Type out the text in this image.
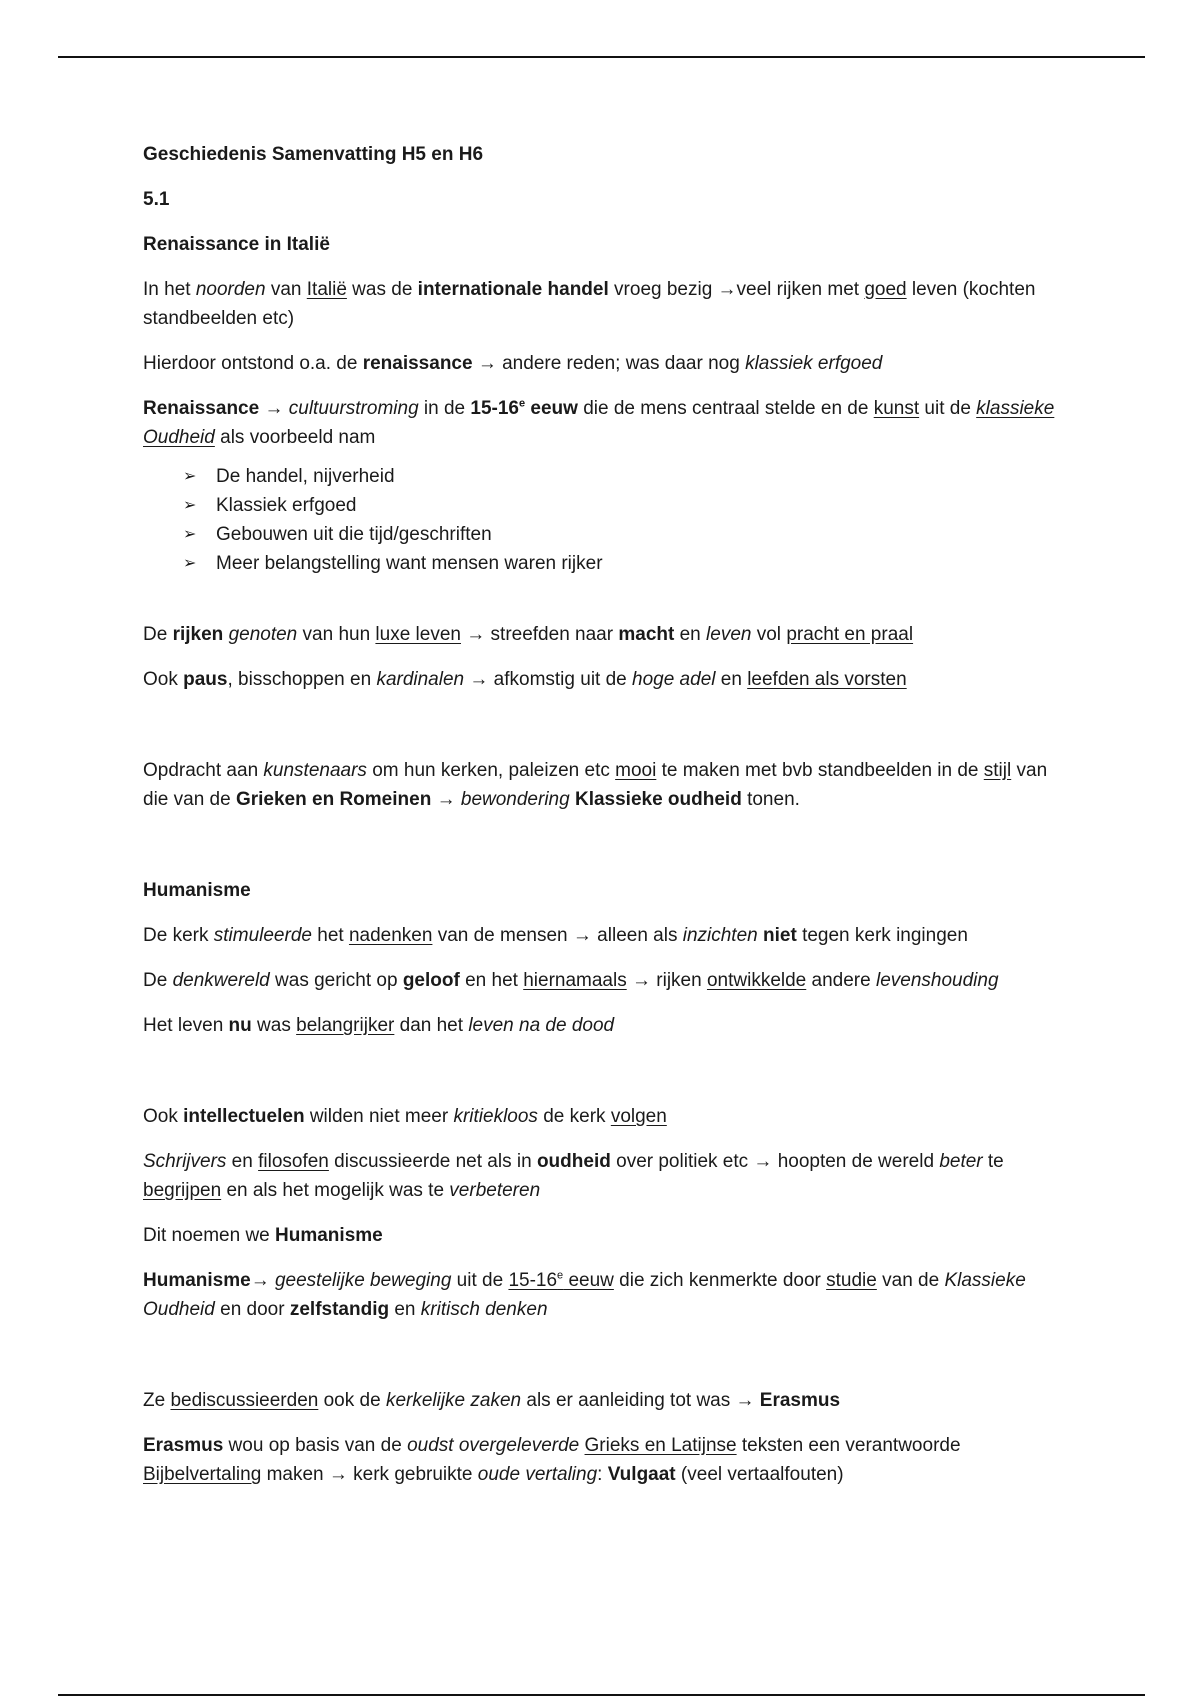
Geschiedenis Samenvatting H5 en H6

5.1

Renaissance in Italië

In het noorden van Italië was de internationale handel vroeg bezig →veel rijken met goed leven (kochten standbeelden etc)

Hierdoor ontstond o.a. de renaissance → andere reden; was daar nog klassiek erfgoed

Renaissance → cultuurstroming in de 15-16e eeuw die de mens centraal stelde en de kunst uit de klassieke Oudheid als voorbeeld nam

➢ De handel, nijverheid
➢ Klassiek erfgoed
➢ Gebouwen uit die tijd/geschriften
➢ Meer belangstelling want mensen waren rijker

De rijken genoten van hun luxe leven → streefden naar macht en leven vol pracht en praal

Ook paus, bisschoppen en kardinalen → afkomstig uit de hoge adel en leefden als vorsten

Opdracht aan kunstenaars om hun kerken, paleizen etc mooi te maken met bvb standbeelden in de stijl van die van de Grieken en Romeinen → bewondering Klassieke oudheid tonen.

Humanisme

De kerk stimuleerde het nadenken van de mensen → alleen als inzichten niet tegen kerk ingingen

De denkwereld was gericht op geloof en het hiernamaals → rijken ontwikkelde andere levenshouding

Het leven nu was belangrijker dan het leven na de dood

Ook intellectuelen wilden niet meer kritiekloos de kerk volgen

Schrijvers en filosofen discussieerde net als in oudheid over politiek etc → hoopten de wereld beter te begrijpen en als het mogelijk was te verbeteren

Dit noemen we Humanisme

Humanisme→ geestelijke beweging uit de 15-16e eeuw die zich kenmerkte door studie van de Klassieke Oudheid en door zelfstandig en kritisch denken

Ze bediscussieerden ook de kerkelijke zaken als er aanleiding tot was → Erasmus

Erasmus wou op basis van de oudst overgeleverde Grieks en Latijnse teksten een verantwoorde Bijbelvertaling maken → kerk gebruikte oude vertaling: Vulgaat (veel vertaalfouten)
